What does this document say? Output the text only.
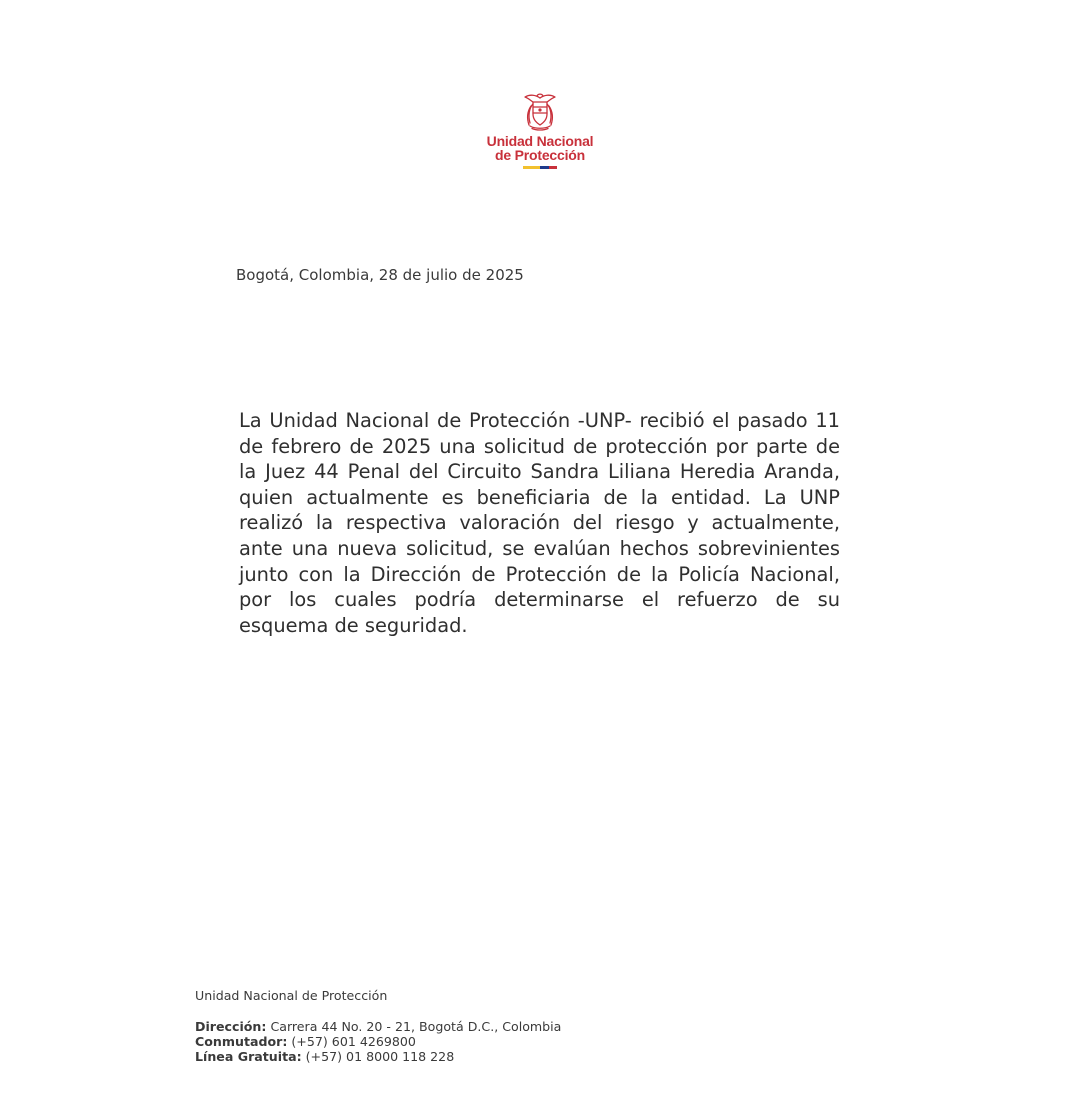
Unidad Nacional
de Protección
Bogotá, Colombia, 28 de julio de 2025
La Unidad Nacional de Protección -UNP- recibió el pasado 11 de febrero de 2025 una solicitud de protección por parte de la Juez 44 Penal del Circuito Sandra Liliana Heredia Aranda, quien actualmente es beneficiaria de la entidad. La UNP realizó la respectiva valoración del riesgo y actualmente, ante una nueva solicitud, se evalúan hechos sobrevinientes junto con la Dirección de Protección de la Policía Nacional, por los cuales podría determinarse el refuerzo de su esquema de seguridad.
Unidad Nacional de Protección
Dirección: Carrera 44 No. 20 - 21, Bogotá D.C., Colombia
Conmutador: (+57) 601 4269800
Línea Gratuita: (+57) 01 8000 118 228
